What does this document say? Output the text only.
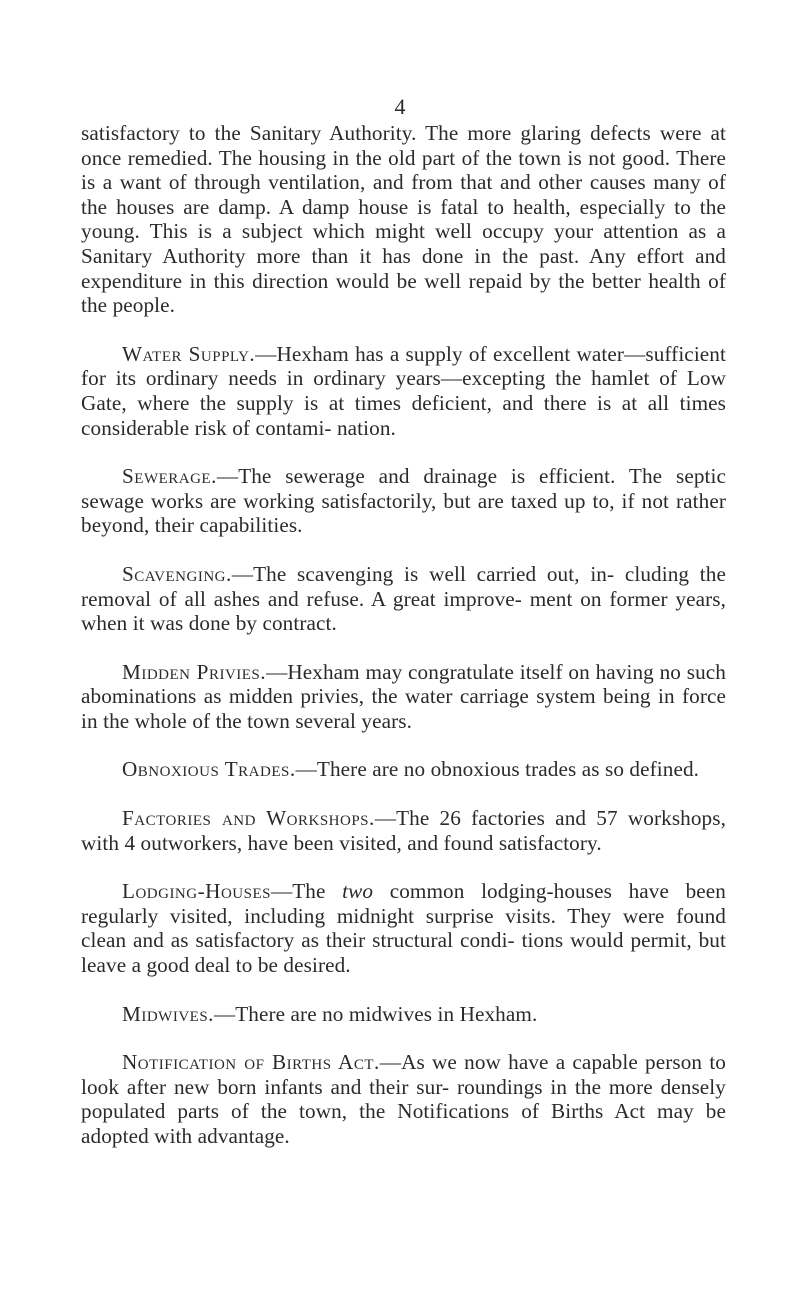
4

satisfactory to the Sanitary Authority. The more glaring defects were at once remedied. The housing in the old part of the town is not good. There is a want of through ventilation, and from that and other causes many of the houses are damp. A damp house is fatal to health, especially to the young. This is a subject which might well occupy your attention as a Sanitary Authority more than it has done in the past. Any effort and expenditure in this direction would be well repaid by the better health of the people.

Water Supply.—Hexham has a supply of excellent water—sufficient for its ordinary needs in ordinary years—excepting the hamlet of Low Gate, where the supply is at times deficient, and there is at all times considerable risk of contami- nation.

Sewerage.—The sewerage and drainage is efficient. The septic sewage works are working satisfactorily, but are taxed up to, if not rather beyond, their capabilities.

Scavenging.—The scavenging is well carried out, in- cluding the removal of all ashes and refuse. A great improve- ment on former years, when it was done by contract.

Midden Privies.—Hexham may congratulate itself on having no such abominations as midden privies, the water carriage system being in force in the whole of the town several years.

Obnoxious Trades.—There are no obnoxious trades as so defined.

Factories and Workshops.—The 26 factories and 57 workshops, with 4 outworkers, have been visited, and found satisfactory.

Lodging-Houses—The two common lodging-houses have been regularly visited, including midnight surprise visits. They were found clean and as satisfactory as their structural condi- tions would permit, but leave a good deal to be desired.

Midwives.—There are no midwives in Hexham.

Notification of Births Act.—As we now have a capable person to look after new born infants and their sur- roundings in the more densely populated parts of the town, the Notifications of Births Act may be adopted with advantage.
